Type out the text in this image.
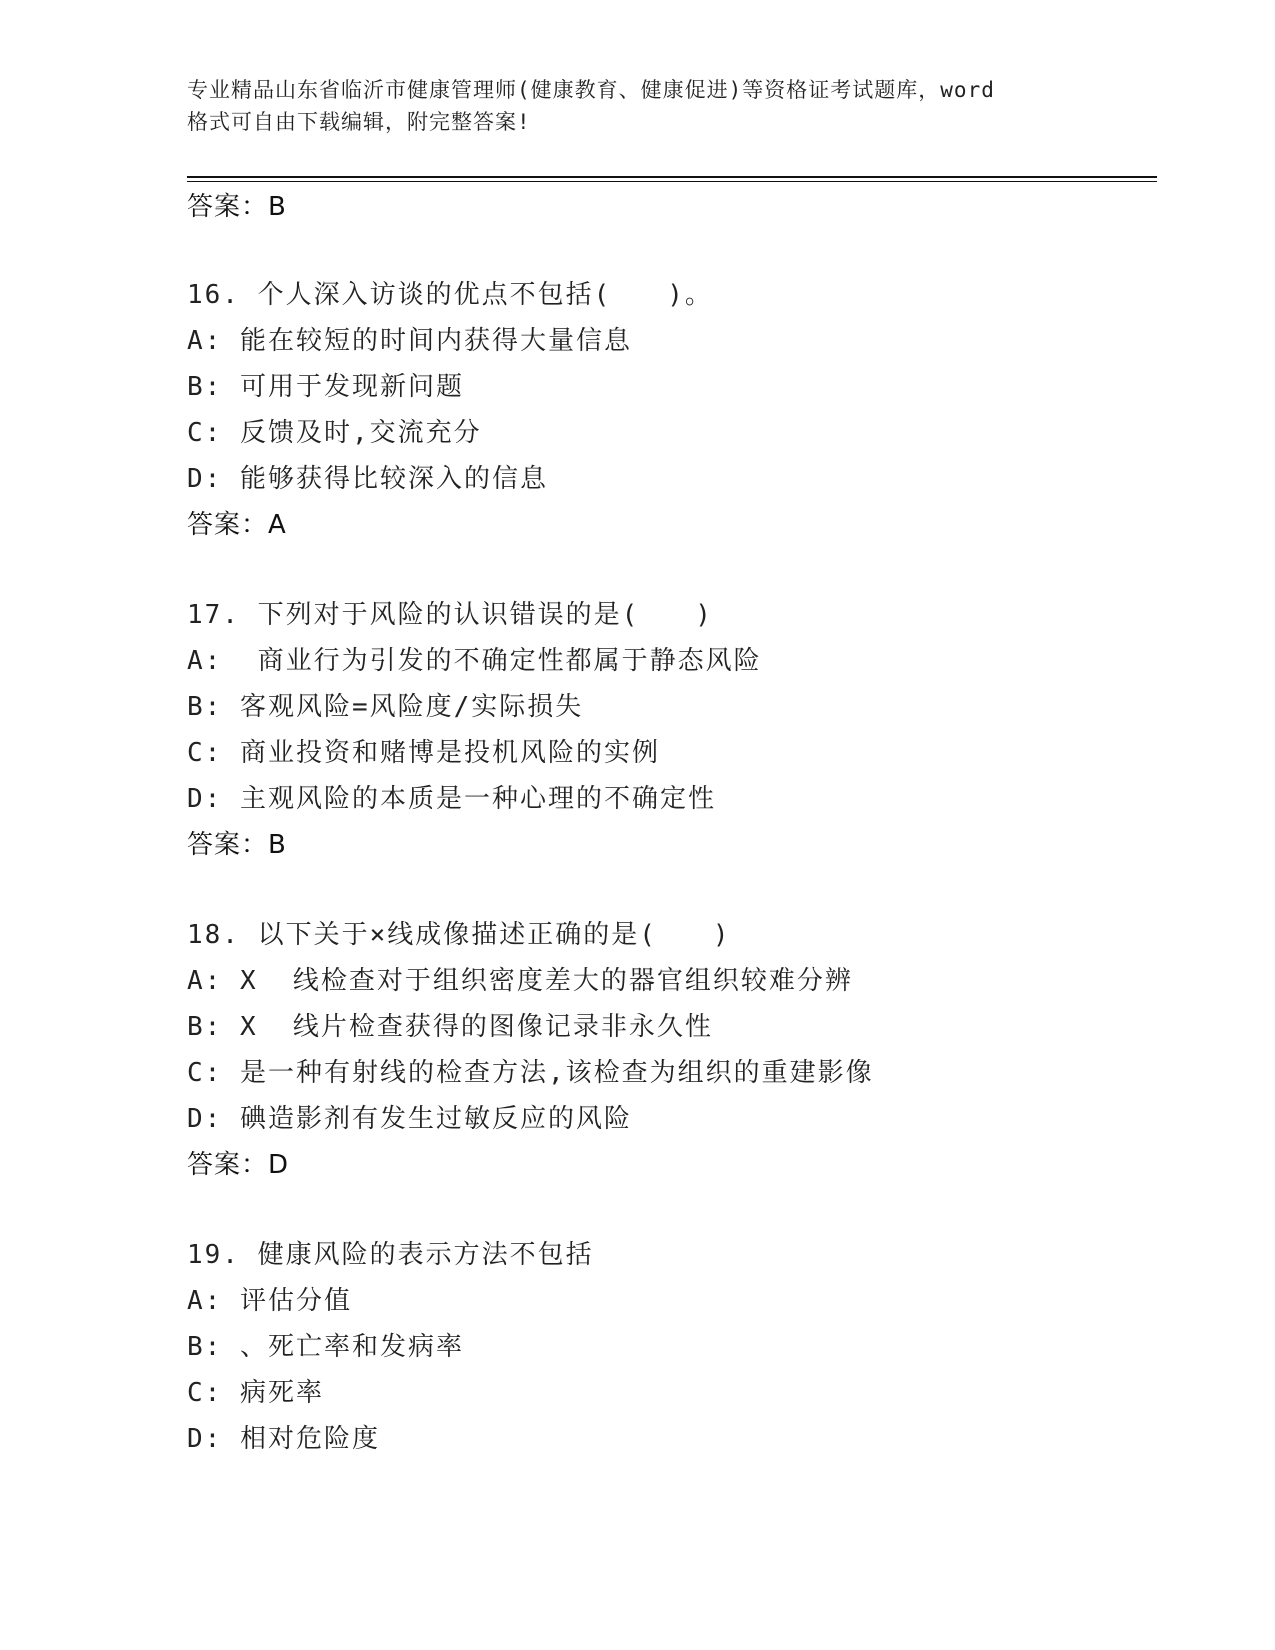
专业精品山东省临沂市健康管理师(健康教育、健康促进)等资格证考试题库，word
格式可自由下载编辑，附完整答案!
答案：B
16. 个人深入访谈的优点不包括(　　)。
A: 能在较短的时间内获得大量信息
B: 可用于发现新问题
C: 反馈及时,交流充分
D: 能够获得比较深入的信息
答案：A
17. 下列对于风险的认识错误的是(　　)
A:  商业行为引发的不确定性都属于静态风险
B: 客观风险=风险度/实际损失
C: 商业投资和赌博是投机风险的实例
D: 主观风险的本质是一种心理的不确定性
答案：B
18. 以下关于×线成像描述正确的是(　　)
A: X  线检查对于组织密度差大的器官组织较难分辨
B: X  线片检查获得的图像记录非永久性
C: 是一种有射线的检查方法,该检查为组织的重建影像
D: 碘造影剂有发生过敏反应的风险
答案：D
19. 健康风险的表示方法不包括
A: 评估分值
B: 、死亡率和发病率
C: 病死率
D: 相对危险度
